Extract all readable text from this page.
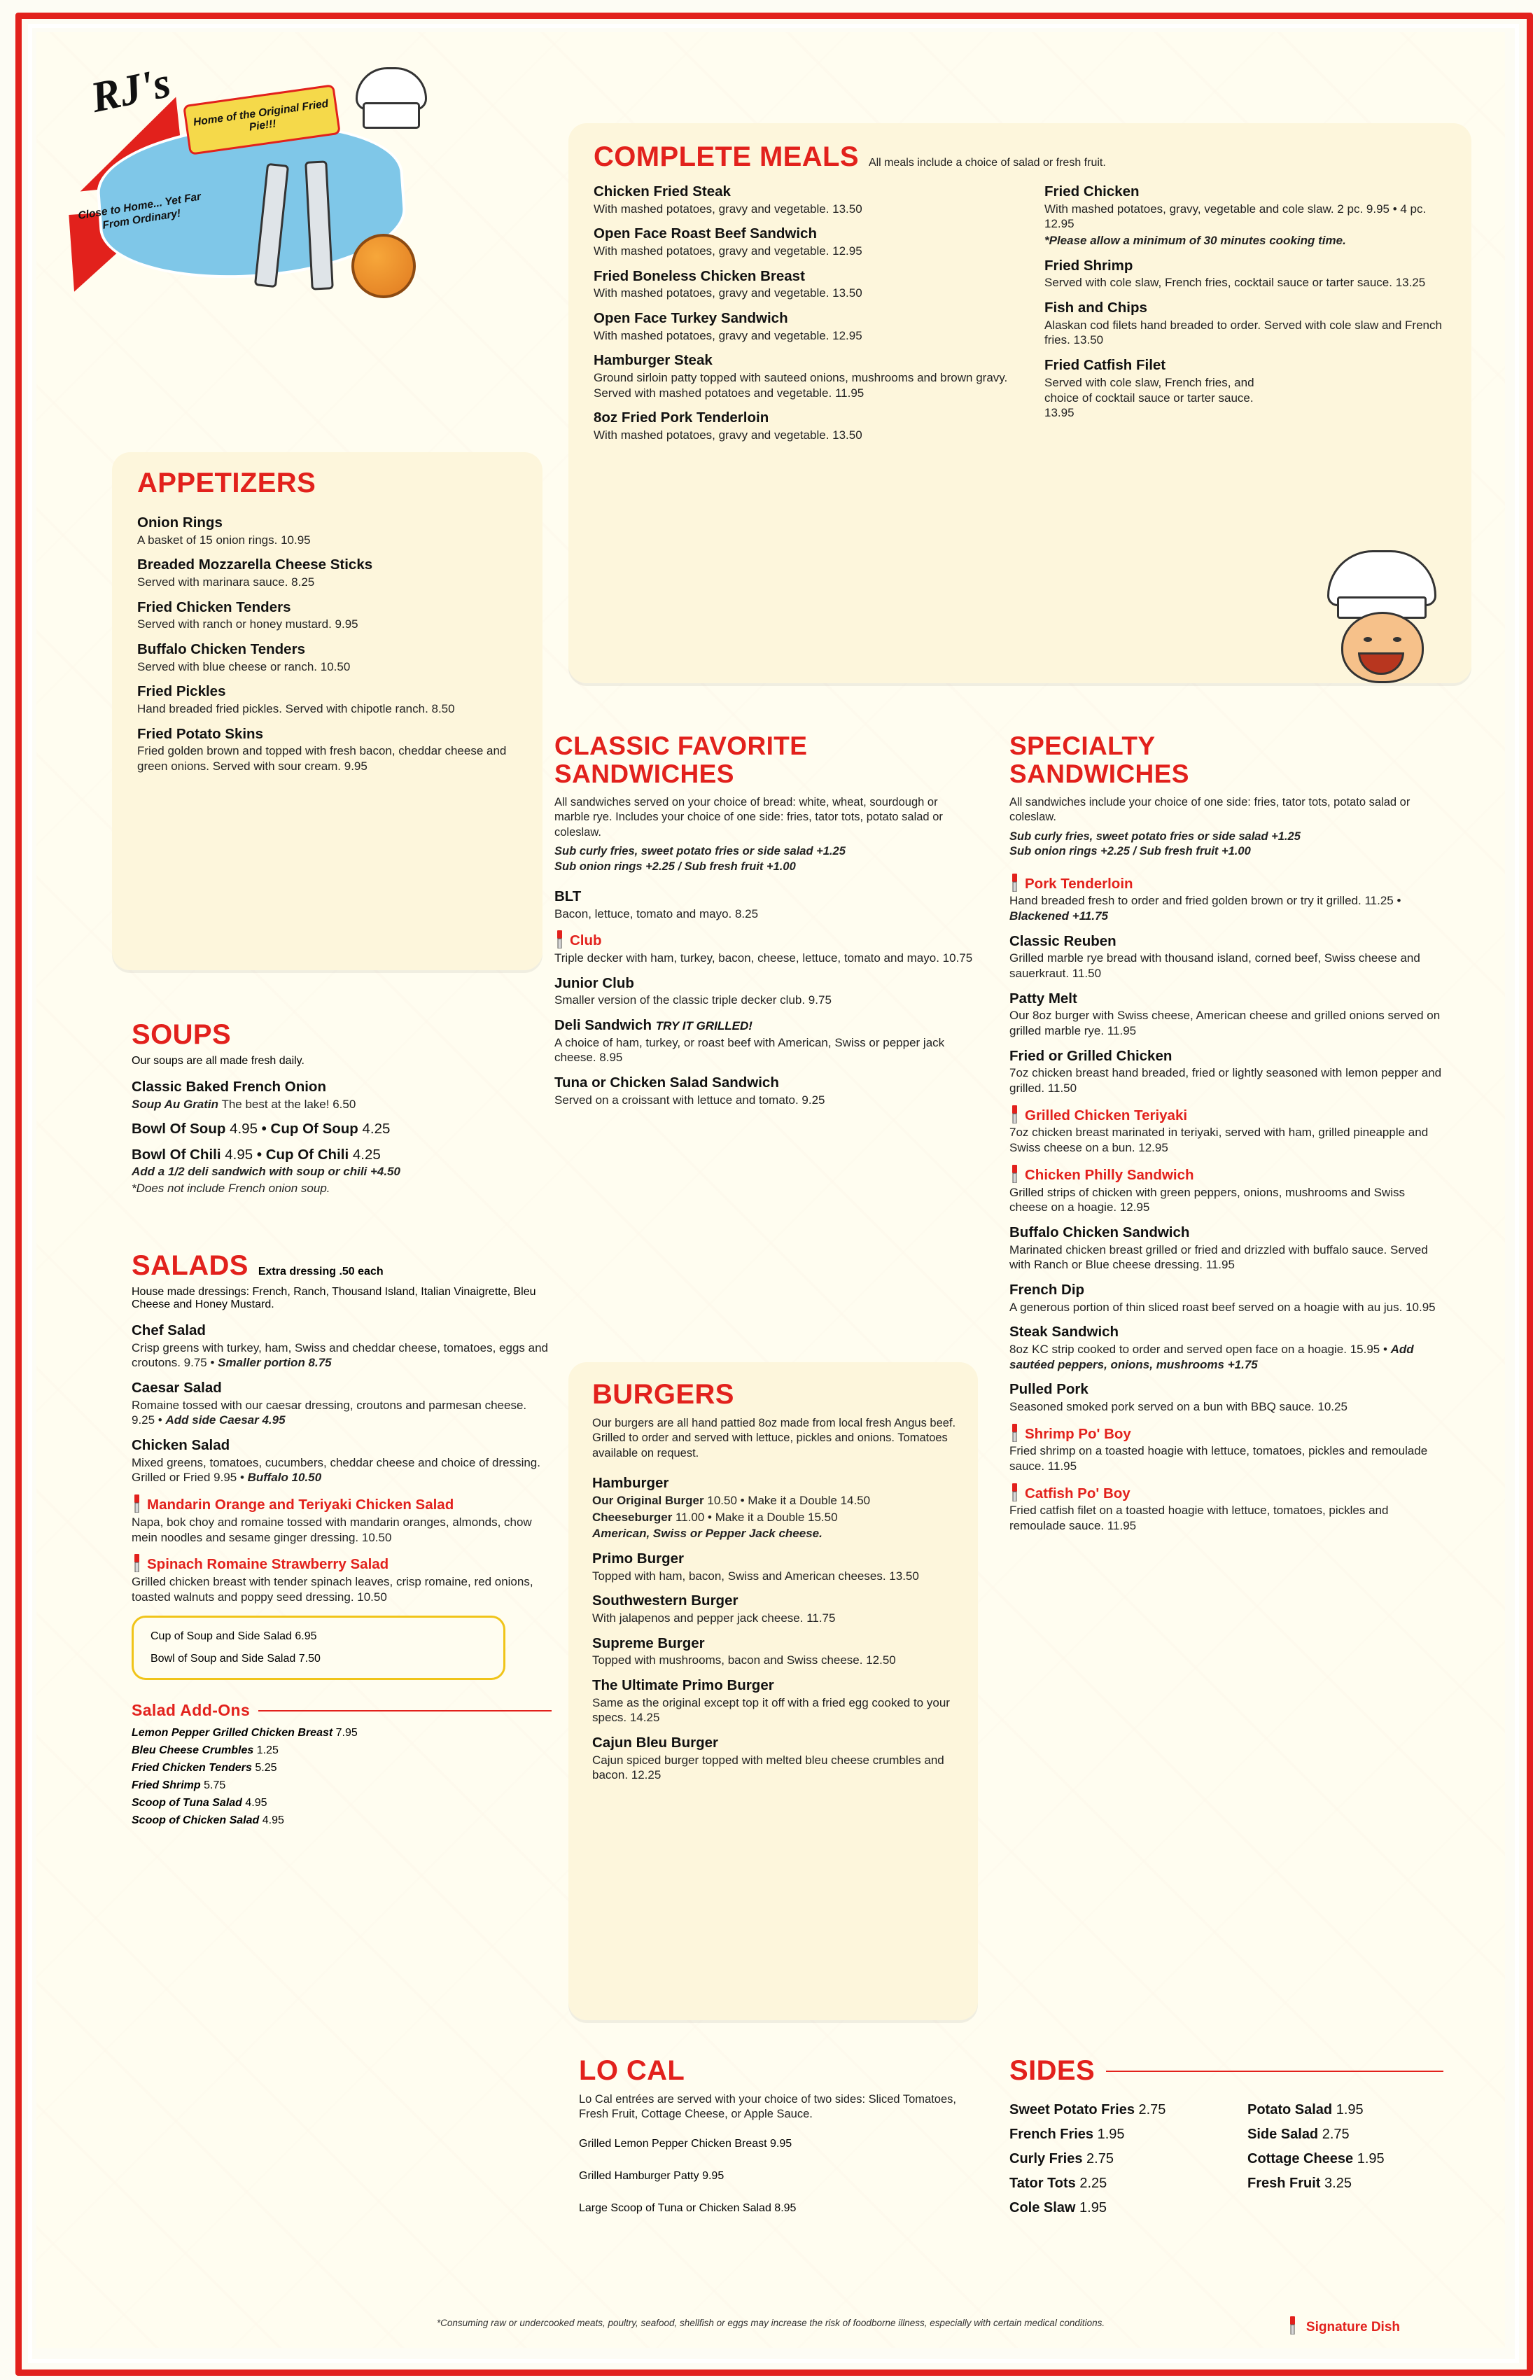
RJ's	Home of the Original Fried Pie!!!
Close to Home... Yet Far From Ordinary!
COMPLETE MEALS All meals include a choice of salad or fresh fruit.
Chicken Fried Steak
With mashed potatoes, gravy and vegetable. 13.50
Open Face Roast Beef Sandwich
With mashed potatoes, gravy and vegetable. 12.95
Fried Boneless Chicken Breast
With mashed potatoes, gravy and vegetable. 13.50
Open Face Turkey Sandwich
With mashed potatoes, gravy and vegetable. 12.95
Hamburger Steak
Ground sirloin patty topped with sauteed onions, mushrooms and brown gravy. Served with mashed potatoes and vegetable. 11.95
8oz Fried Pork Tenderloin
With mashed potatoes, gravy and vegetable. 13.50
Fried Chicken
With mashed potatoes, gravy, vegetable and cole slaw. 2 pc. 9.95 • 4 pc. 12.95
*Please allow a minimum of 30 minutes cooking time.
Fried Shrimp
Served with cole slaw, French fries, cocktail sauce or tarter sauce. 13.25
Fish and Chips
Alaskan cod filets hand breaded to order. Served with cole slaw and French fries. 13.50
Fried Catfish Filet
Served with cole slaw, French fries, and choice of cocktail sauce or tarter sauce. 13.95
APPETIZERS
Onion Rings
A basket of 15 onion rings. 10.95
Breaded Mozzarella Cheese Sticks
Served with marinara sauce. 8.25
Fried Chicken Tenders
Served with ranch or honey mustard. 9.95
Buffalo Chicken Tenders
Served with blue cheese or ranch. 10.50
Fried Pickles
Hand breaded fried pickles. Served with chipotle ranch. 8.50
Fried Potato Skins
Fried golden brown and topped with fresh bacon, cheddar cheese and green onions. Served with sour cream. 9.95
SOUPS
Our soups are all made fresh daily.
Classic Baked French Onion
Soup Au Gratin The best at the lake! 6.50
Bowl Of Soup 4.95 • Cup Of Soup 4.25
Bowl Of Chili 4.95 • Cup Of Chili 4.25
Add a 1/2 deli sandwich with soup or chili +4.50
*Does not include French onion soup.
SALADS Extra dressing .50 each
House made dressings: French, Ranch, Thousand Island, Italian Vinaigrette, Bleu Cheese and Honey Mustard.
Chef Salad
Crisp greens with turkey, ham, Swiss and cheddar cheese, tomatoes, eggs and croutons. 9.75 • Smaller portion 8.75
Caesar Salad
Romaine tossed with our caesar dressing, croutons and parmesan cheese. 9.25 • Add side Caesar 4.95
Chicken Salad
Mixed greens, tomatoes, cucumbers, cheddar cheese and choice of dressing. Grilled or Fried 9.95 • Buffalo 10.50
Mandarin Orange and Teriyaki Chicken Salad
Napa, bok choy and romaine tossed with mandarin oranges, almonds, chow mein noodles and sesame ginger dressing. 10.50
Spinach Romaine Strawberry Salad
Grilled chicken breast with tender spinach leaves, crisp romaine, red onions, toasted walnuts and poppy seed dressing. 10.50
Cup of Soup and Side Salad 6.95
Bowl of Soup and Side Salad 7.50
Salad Add-Ons
Lemon Pepper Grilled Chicken Breast 7.95
Bleu Cheese Crumbles 1.25
Fried Chicken Tenders 5.25
Fried Shrimp 5.75
Scoop of Tuna Salad 4.95
Scoop of Chicken Salad 4.95
CLASSIC FAVORITE
SANDWICHES
All sandwiches served on your choice of bread: white, wheat, sourdough or marble rye. Includes your choice of one side: fries, tator tots, potato salad or coleslaw.
Sub curly fries, sweet potato fries or side salad +1.25
Sub onion rings +2.25 / Sub fresh fruit +1.00
BLT
Bacon, lettuce, tomato and mayo. 8.25
Club
Triple decker with ham, turkey, bacon, cheese, lettuce, tomato and mayo. 10.75
Junior Club
Smaller version of the classic triple decker club. 9.75
Deli Sandwich TRY IT GRILLED!
A choice of ham, turkey, or roast beef with American, Swiss or pepper jack cheese. 8.95
Tuna or Chicken Salad Sandwich
Served on a croissant with lettuce and tomato. 9.25
BURGERS
Our burgers are all hand pattied 8oz made from local fresh Angus beef. Grilled to order and served with lettuce, pickles and onions. Tomatoes available on request.
Hamburger
Our Original Burger 10.50 • Make it a Double 14.50
Cheeseburger 11.00 • Make it a Double 15.50
American, Swiss or Pepper Jack cheese.
Primo Burger
Topped with ham, bacon, Swiss and American cheeses. 13.50
Southwestern Burger
With jalapenos and pepper jack cheese. 11.75
Supreme Burger
Topped with mushrooms, bacon and Swiss cheese. 12.50
The Ultimate Primo Burger
Same as the original except top it off with a fried egg cooked to your specs. 14.25
Cajun Bleu Burger
Cajun spiced burger topped with melted bleu cheese crumbles and bacon. 12.25
SPECIALTY
SANDWICHES
All sandwiches include your choice of one side: fries, tator tots, potato salad or coleslaw.
Sub curly fries, sweet potato fries or side salad +1.25
Sub onion rings +2.25 / Sub fresh fruit +1.00
Pork Tenderloin
Hand breaded fresh to order and fried golden brown or try it grilled. 11.25 • Blackened +11.75
Classic Reuben
Grilled marble rye bread with thousand island, corned beef, Swiss cheese and sauerkraut. 11.50
Patty Melt
Our 8oz burger with Swiss cheese, American cheese and grilled onions served on grilled marble rye. 11.95
Fried or Grilled Chicken
7oz chicken breast hand breaded, fried or lightly seasoned with lemon pepper and grilled. 11.50
Grilled Chicken Teriyaki
7oz chicken breast marinated in teriyaki, served with ham, grilled pineapple and Swiss cheese on a bun. 12.95
Chicken Philly Sandwich
Grilled strips of chicken with green peppers, onions, mushrooms and Swiss cheese on a hoagie. 12.95
Buffalo Chicken Sandwich
Marinated chicken breast grilled or fried and drizzled with buffalo sauce. Served with Ranch or Blue cheese dressing. 11.95
French Dip
A generous portion of thin sliced roast beef served on a hoagie with au jus. 10.95
Steak Sandwich
8oz KC strip cooked to order and served open face on a hoagie. 15.95 • Add sautéed peppers, onions, mushrooms +1.75
Pulled Pork
Seasoned smoked pork served on a bun with BBQ sauce. 10.25
Shrimp Po' Boy
Fried shrimp on a toasted hoagie with lettuce, tomatoes, pickles and remoulade sauce. 11.95
Catfish Po' Boy
Fried catfish filet on a toasted hoagie with lettuce, tomatoes, pickles and remoulade sauce. 11.95
LO CAL
Lo Cal entrées are served with your choice of two sides: Sliced Tomatoes, Fresh Fruit, Cottage Cheese, or Apple Sauce.
Grilled Lemon Pepper Chicken Breast 9.95
Grilled Hamburger Patty 9.95
Large Scoop of Tuna or Chicken Salad 8.95
SIDES
Sweet Potato Fries 2.75
French Fries 1.95
Curly Fries 2.75
Tator Tots 2.25
Cole Slaw 1.95
Potato Salad 1.95
Side Salad 2.75
Cottage Cheese 1.95
Fresh Fruit 3.25
*Consuming raw or undercooked meats, poultry, seafood, shellfish or eggs may increase the risk of foodborne illness, especially with certain medical conditions.	Signature Dish
